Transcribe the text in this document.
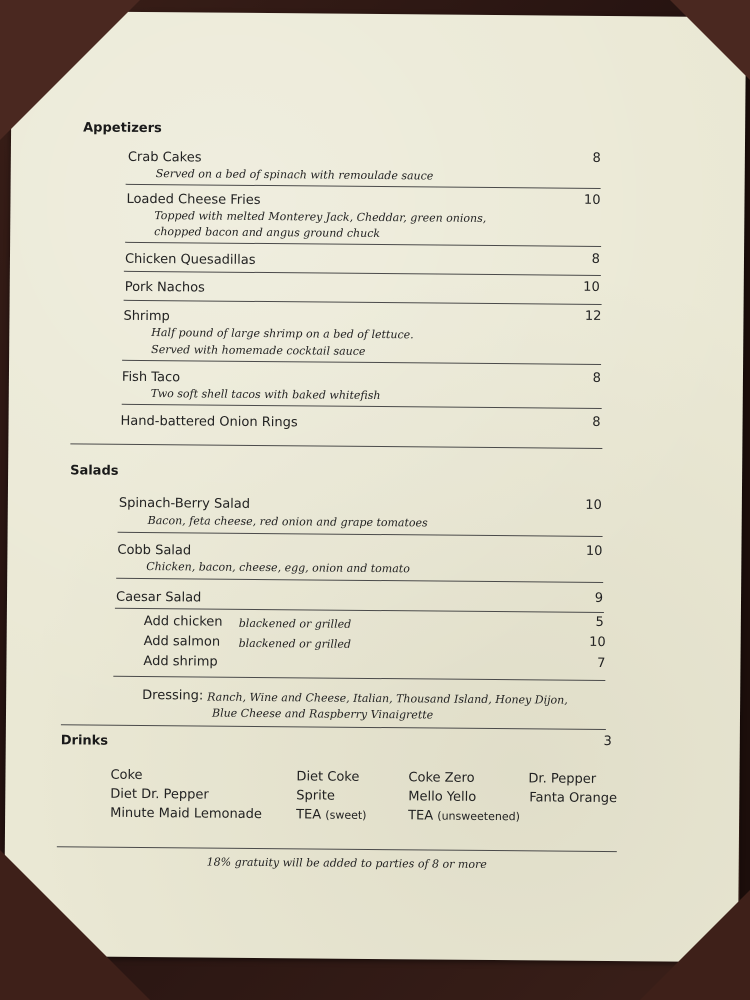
Appetizers
Crab Cakes
Served on a bed of spinach with remoulade sauce
8
Loaded Cheese Fries
Topped with melted Monterey Jack, Cheddar, green onions,
chopped bacon and angus ground chuck
10
Chicken Quesadillas	8
Pork Nachos	10
Shrimp
Half pound of large shrimp on a bed of lettuce.
Served with homemade cocktail sauce
12
Fish Taco
Two soft shell tacos with baked whitefish
8
Hand-battered Onion Rings	8
Salads
Spinach-Berry Salad
Bacon, feta cheese, red onion and grape tomatoes
10
Cobb Salad
Chicken, bacon, cheese, egg, onion and tomato
10
Caesar Salad	9
Add chicken blackened or grilled	5
Add salmon blackened or grilled	10
Add shrimp	7
Dressing: Ranch, Wine and Cheese, Italian, Thousand Island, Honey Dijon,
Blue Cheese and Raspberry Vinaigrette
Drinks	3
Coke
Diet Dr. Pepper
Minute Maid Lemonade
Diet Coke
Sprite
TEA (sweet)
Coke Zero
Mello Yello
TEA (unsweetened)
Dr. Pepper
Fanta Orange
18% gratuity will be added to parties of 8 or more
